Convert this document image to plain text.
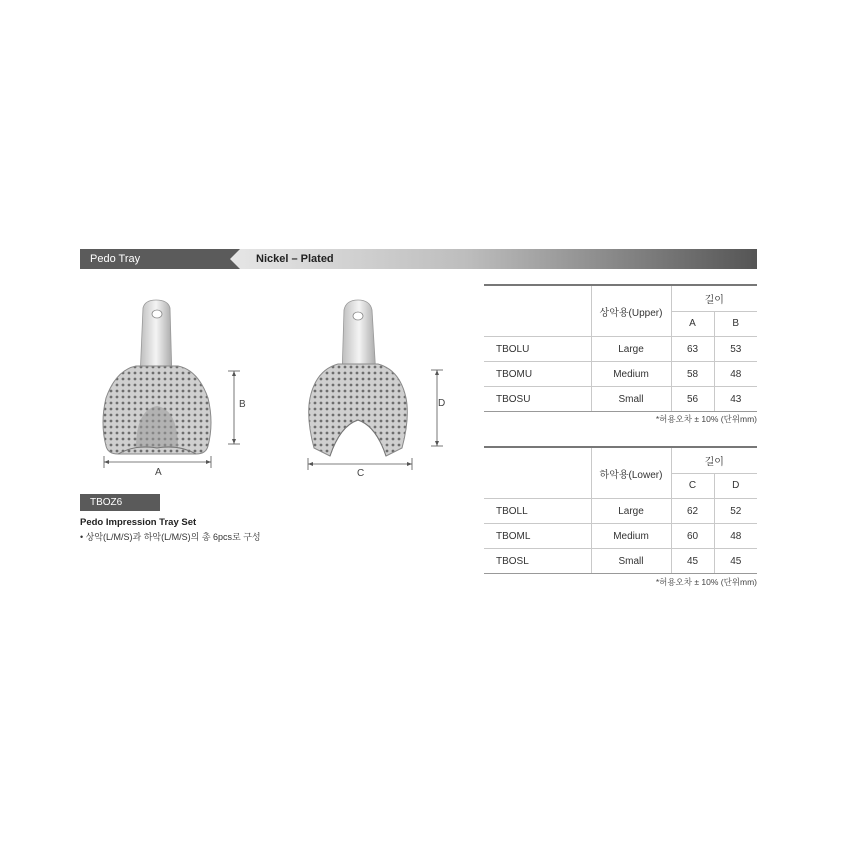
Pedo Tray	Nickel – Plated
A
B
C
D
TBOZ6
Pedo Impression Tray Set
• 상악(L/M/S)과 하악(L/M/S)의 총 6pcs로 구성
	상악용(Upper)	길이	
		A	B
TBOLU	Large	63	53
TBOMU	Medium	58	48
TBOSU	Small	56	43
*허용오차 ± 10% (단위mm)
	하악용(Lower)	길이	
		C	D
TBOLL	Large	62	52
TBOML	Medium	60	48
TBOSL	Small	45	45
*허용오차 ± 10% (단위mm)
